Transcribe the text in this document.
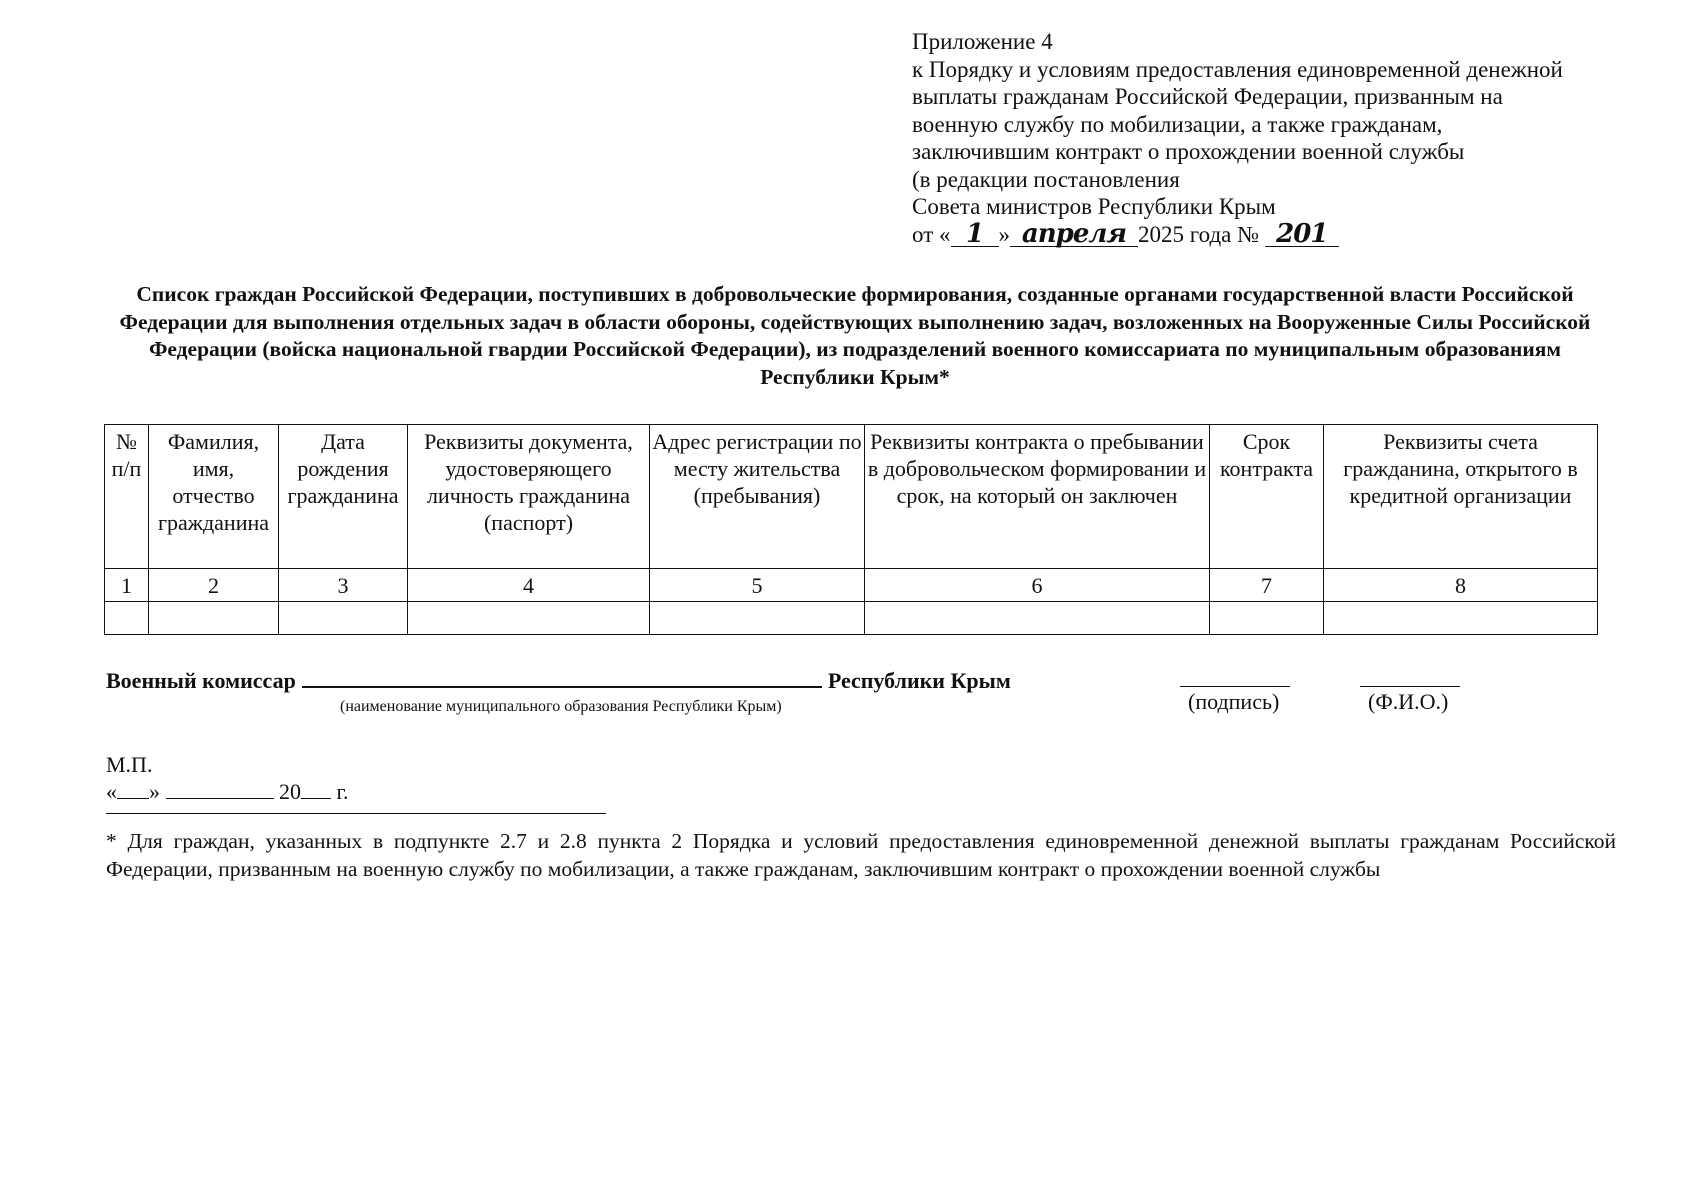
Приложение 4
к Порядку и условиям предоставления единовременной денежной
выплаты гражданам Российской Федерации, призванным на
военную службу по мобилизации, а также гражданам,
заключившим контракт о прохождении военной службы
(в редакции постановления
Совета министров Республики Крым
от « 1 » апреля 2025 года № 201
Список граждан Российской Федерации, поступивших в добровольческие формирования, созданные органами государственной власти Российской Федерации для выполнения отдельных задач в области обороны, содействующих выполнению задач, возложенных на Вооруженные Силы Российской Федерации (войска национальной гвардии Российской Федерации), из подразделений военного комиссариата по муниципальным образованиям Республики Крым*
№ п/п	Фамилия, имя, отчество гражданина	Дата рождения гражданина	Реквизиты документа, удостоверяющего личность гражданина (паспорт)	Адрес регистрации по месту жительства (пребывания)	Реквизиты контракта о пребывании в добровольческом формировании и срок, на который он заключен	Срок контракта	Реквизиты счета гражданина, открытого в кредитной организации
1	2	3	4	5	6	7	8

Военный комиссар	Республики Крым
(наименование муниципального образования Республики Крым)	(подпись)	(Ф.И.О.)
М.П.
« »	20 г.
* Для граждан, указанных в подпункте 2.7 и 2.8 пункта 2 Порядка и условий предоставления единовременной денежной выплаты гражданам Российской Федерации, призванным на военную службу по мобилизации, а также гражданам, заключившим контракт о прохождении военной службы
